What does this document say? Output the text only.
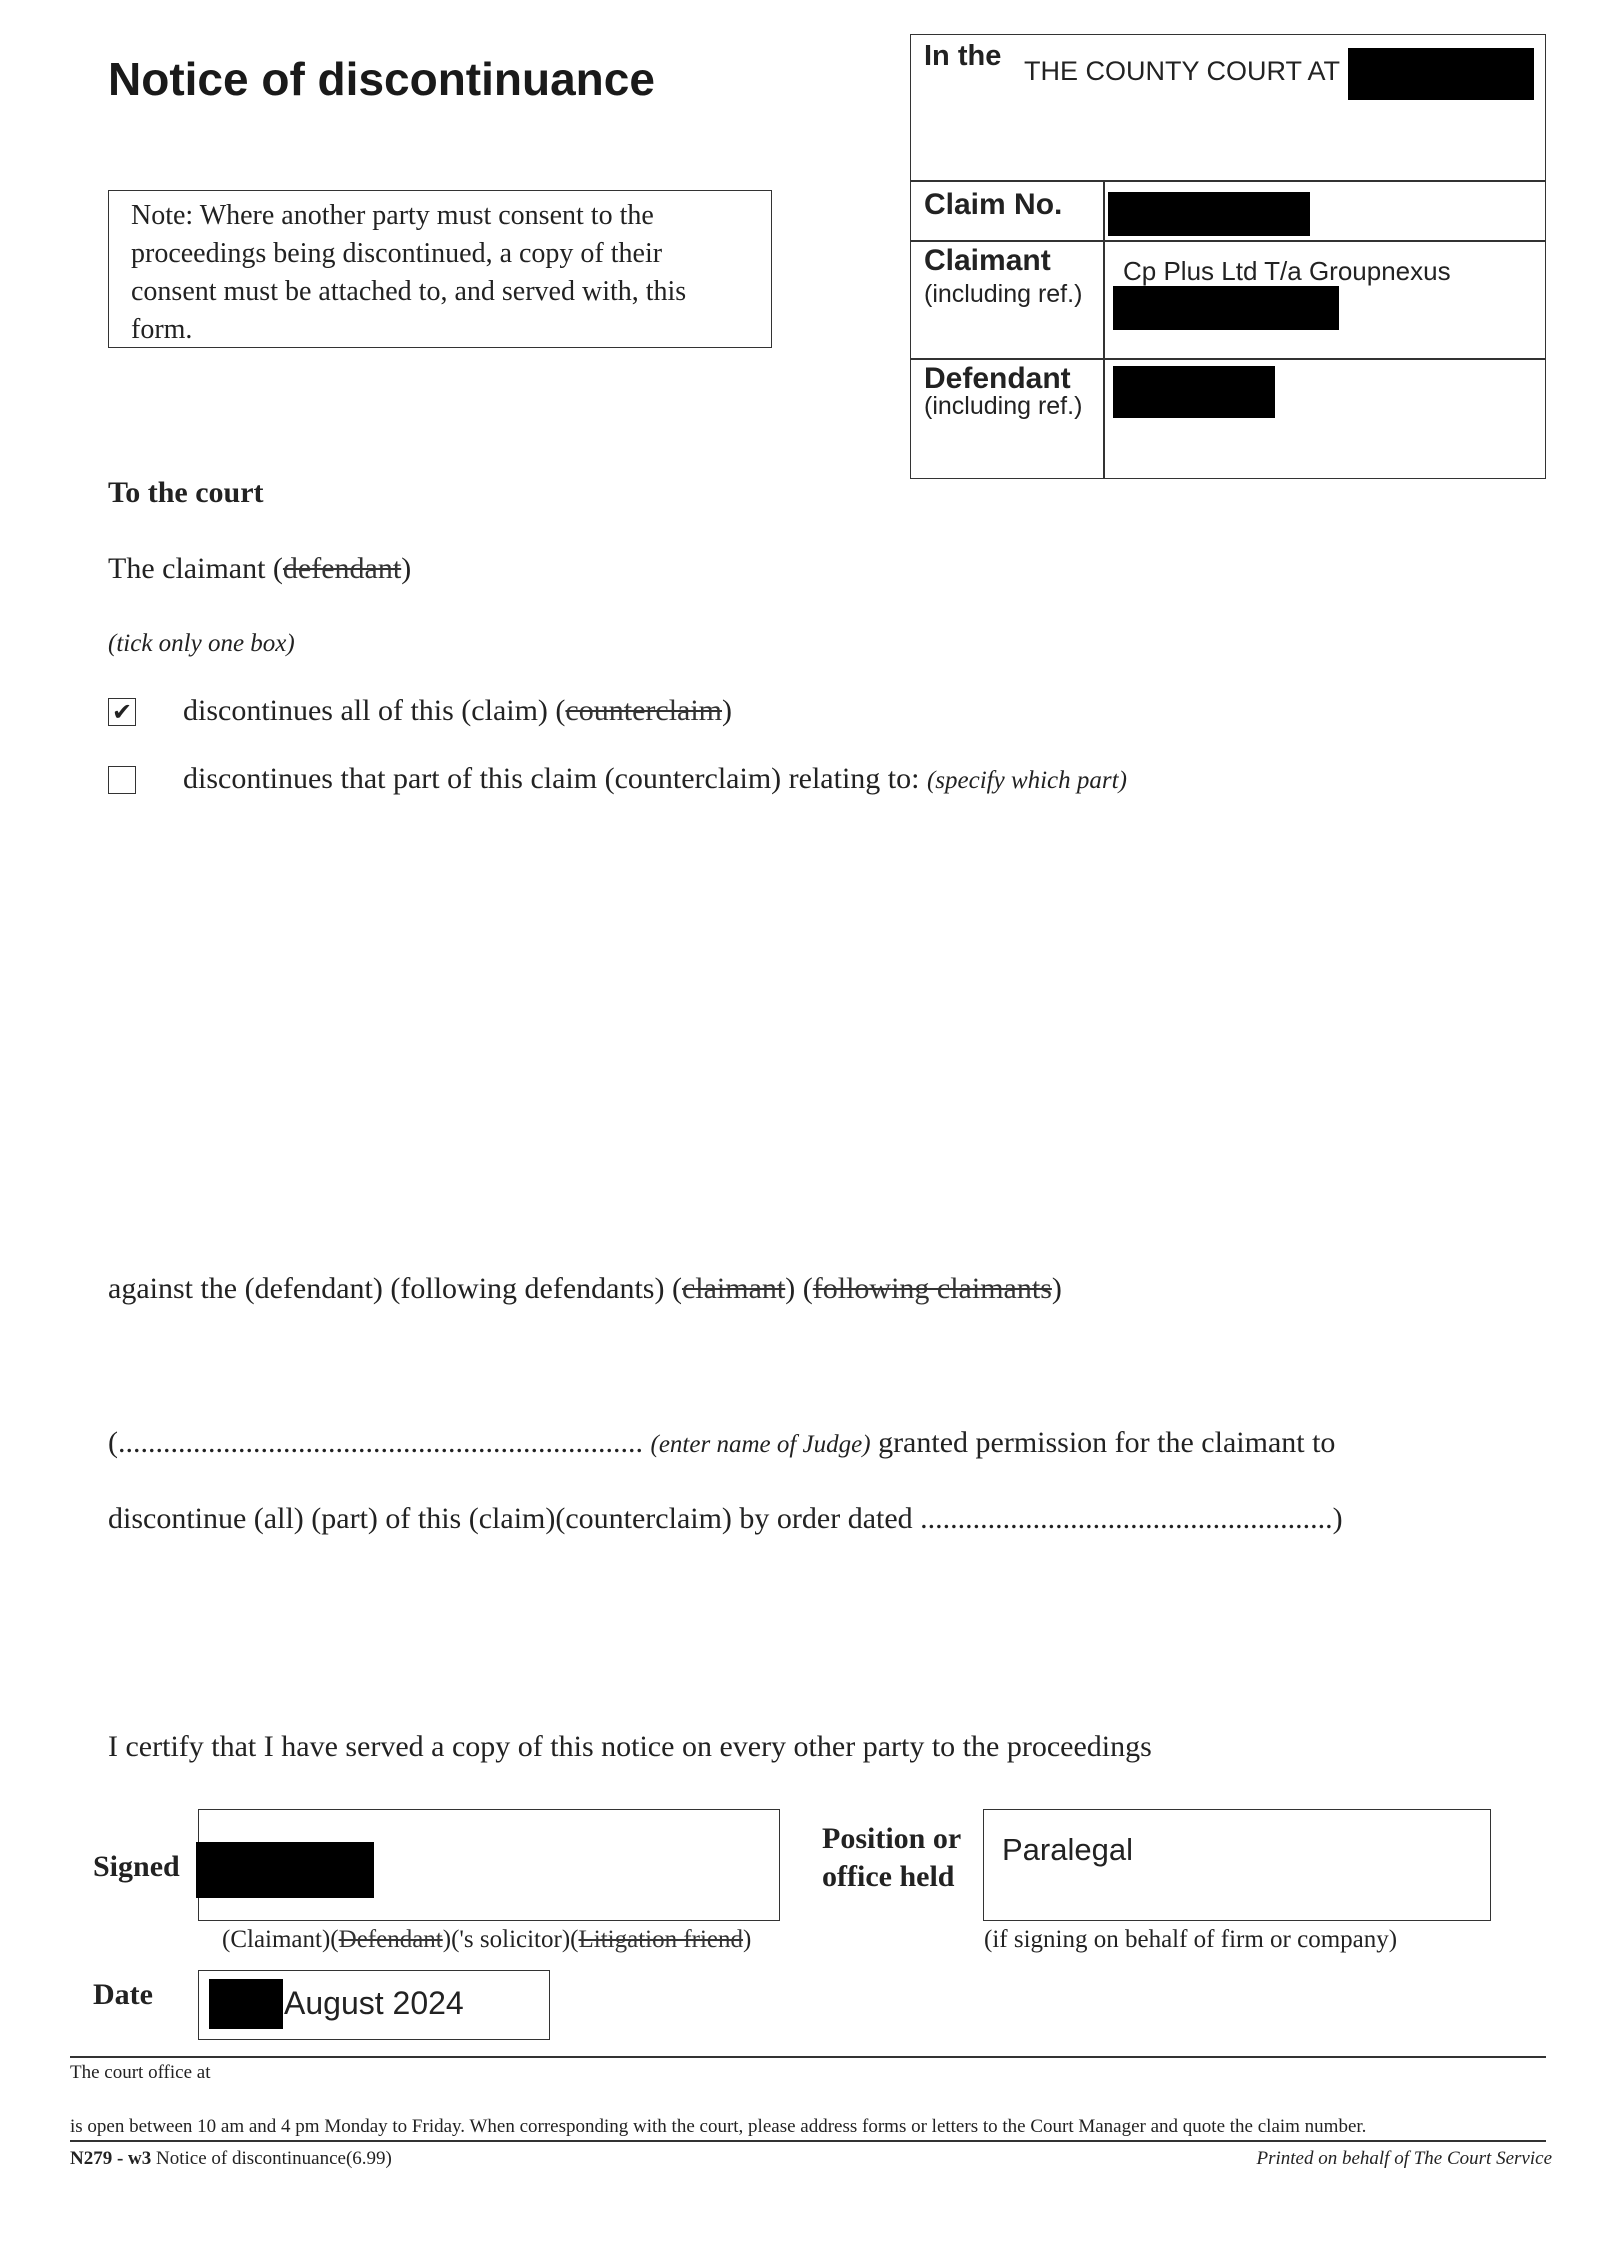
Notice of discontinuance
Note: Where another party must consent to the proceedings being discontinued, a copy of their consent must be attached to, and served with, this form.
In the THE COUNTY COURT AT
Claim No.
Claimant
(including ref.)
Cp Plus Ltd T/a Groupnexus
Defendant
(including ref.)
To the court
The claimant (defendant)
(tick only one box)
✔ discontinues all of this (claim) (counterclaim)
discontinues that part of this claim (counterclaim) relating to: (specify which part)
against the (defendant) (following defendants) (claimant) (following claimants)
(...................................................................... (enter name of Judge) granted permission for the claimant to
discontinue (all) (part) of this (claim)(counterclaim) by order dated .......................................................)
I certify that I have served a copy of this notice on every other party to the proceedings
Signed
(Claimant)(Defendant)('s solicitor)(Litigation friend)
Position or
office held
Paralegal
(if signing on behalf of firm or company)
Date	August 2024
The court office at
is open between 10 am and 4 pm Monday to Friday. When corresponding with the court, please address forms or letters to the Court Manager and quote the claim number.
N279 - w3 Notice of discontinuance(6.99)	Printed on behalf of The Court Service
